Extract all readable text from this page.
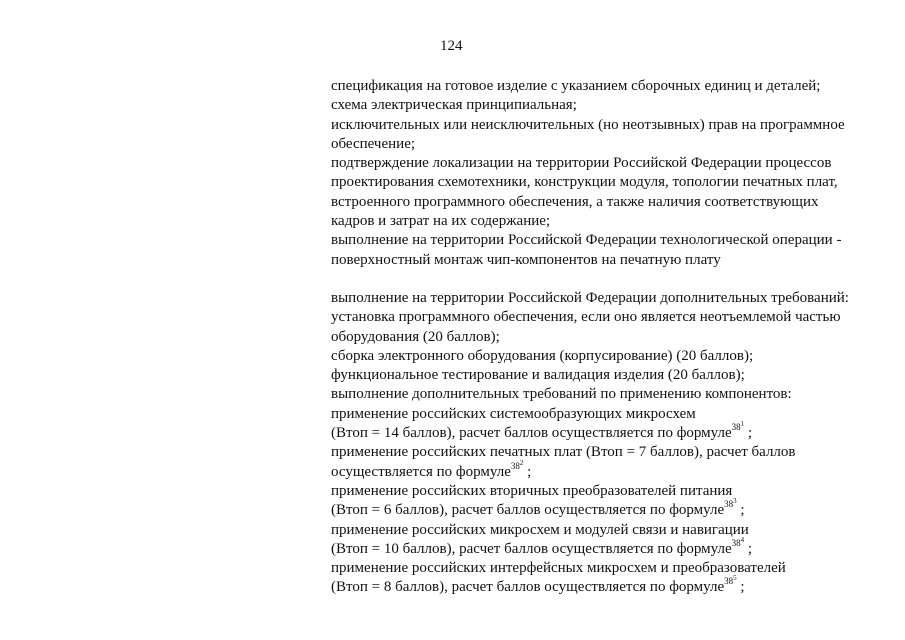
124
спецификация на готовое изделие с указанием сборочных единиц и деталей;
схема электрическая принципиальная;
исключительных или неисключительных (но неотзывных) прав на программное
обеспечение;
подтверждение локализации на территории Российской Федерации процессов
проектирования схемотехники, конструкции модуля, топологии печатных плат,
встроенного программного обеспечения, а также наличия соответствующих
кадров и затрат на их содержание;
выполнение на территории Российской Федерации технологической операции -
поверхностный монтаж чип-компонентов на печатную плату
выполнение на территории Российской Федерации дополнительных требований:
установка программного обеспечения, если оно является неотъемлемой частью
оборудования (20 баллов);
сборка электронного оборудования (корпусирование) (20 баллов);
функциональное тестирование и валидация изделия (20 баллов);
выполнение дополнительных требований по применению компонентов:
применение российских системообразующих микросхем
(Втоп = 14 баллов), расчет баллов осуществляется по формуле$^{38^1}$ ;
применение российских печатных плат (Втоп = 7 баллов), расчет баллов
осуществляется по формуле$^{38^2}$ ;
применение российских вторичных преобразователей питания
(Втоп = 6 баллов), расчет баллов осуществляется по формуле$^{38^3}$ ;
применение российских микросхем и модулей связи и навигации
(Втоп = 10 баллов), расчет баллов осуществляется по формуле$^{38^4}$ ;
применение российских интерфейсных микросхем и преобразователей
(Втоп = 8 баллов), расчет баллов осуществляется по формуле$^{38^5}$ ;
